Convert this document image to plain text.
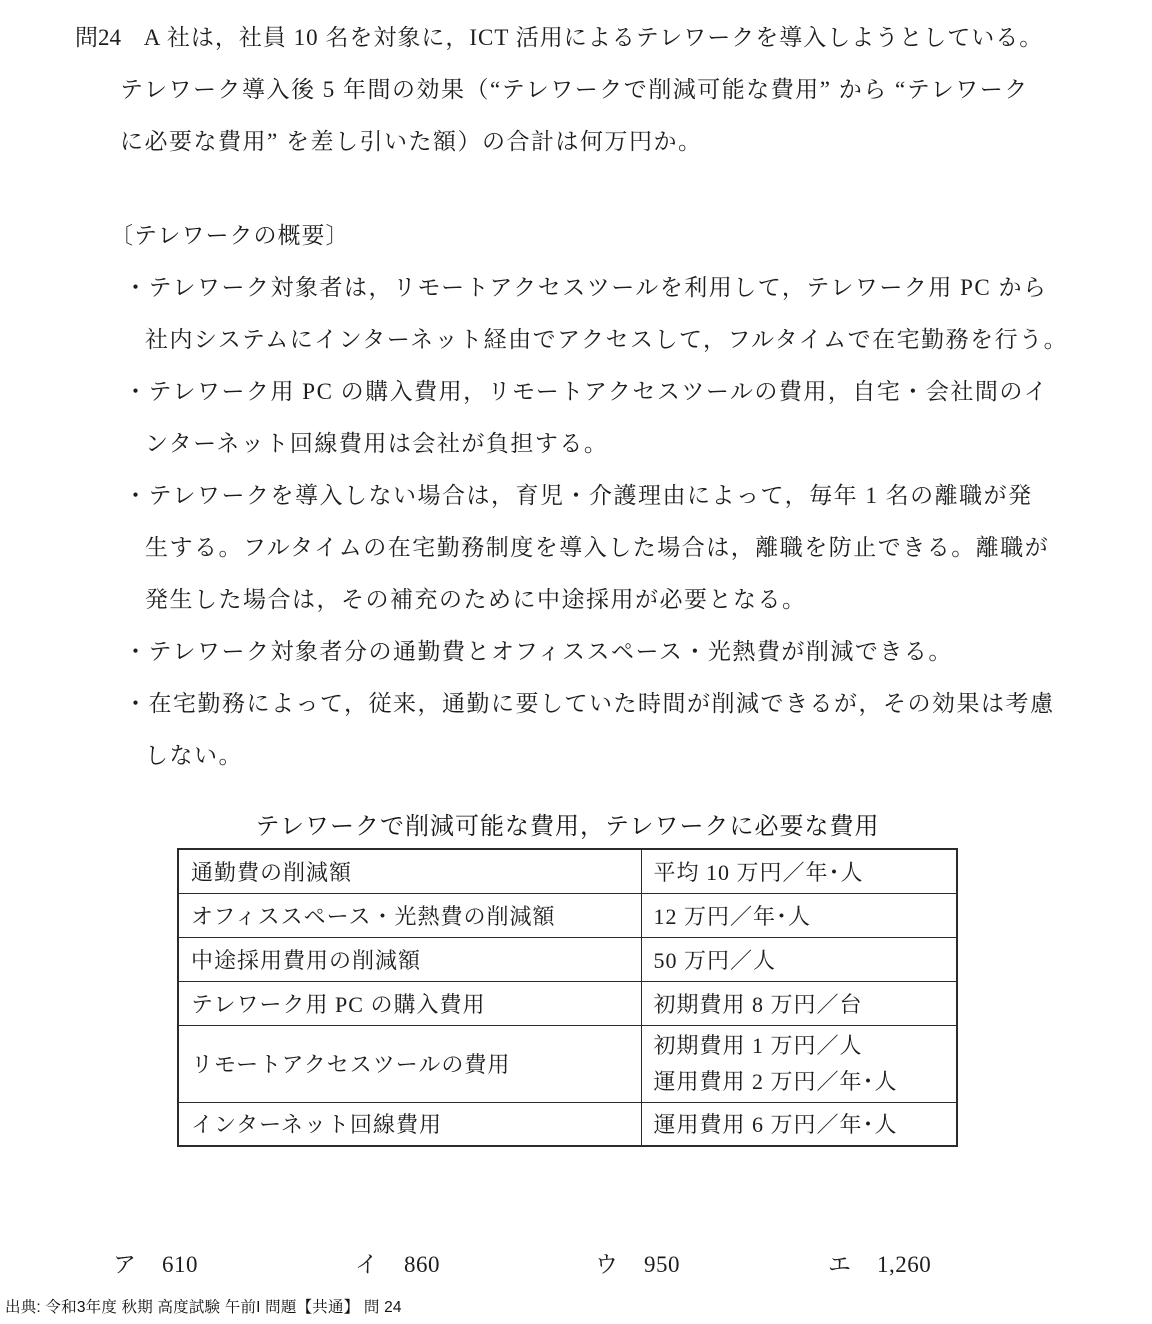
問24 A 社は，社員 10 名を対象に，ICT 活用によるテレワークを導入しようとしている。
テレワーク導入後 5 年間の効果（“テレワークで削減可能な費用” から “テレワーク
に必要な費用” を差し引いた額）の合計は何万円か。
〔テレワークの概要〕
・テレワーク対象者は，リモートアクセスツールを利用して，テレワーク用 PC から
社内システムにインターネット経由でアクセスして，フルタイムで在宅勤務を行う。
・テレワーク用 PC の購入費用，リモートアクセスツールの費用，自宅・会社間のイ
ンターネット回線費用は会社が負担する。
・テレワークを導入しない場合は，育児・介護理由によって，毎年 1 名の離職が発
生する。フルタイムの在宅勤務制度を導入した場合は，離職を防止できる。離職が
発生した場合は，その補充のために中途採用が必要となる。
・テレワーク対象者分の通勤費とオフィススペース・光熱費が削減できる。
・在宅勤務によって，従来，通勤に要していた時間が削減できるが，その効果は考慮
しない。
テレワークで削減可能な費用，テレワークに必要な費用
通勤費の削減額	平均 10 万円／年･人
オフィススペース・光熱費の削減額	12 万円／年･人
中途採用費用の削減額	50 万円／人
テレワーク用 PC の購入費用	初期費用 8 万円／台
リモートアクセスツールの費用	初期費用 1 万円／人
運用費用 2 万円／年･人

インターネット回線費用	運用費用 6 万円／年･人
ア 610	イ 860	ウ 950	エ 1,260
出典: 令和3年度 秋期 高度試験 午前I 問題【共通】 問 24
